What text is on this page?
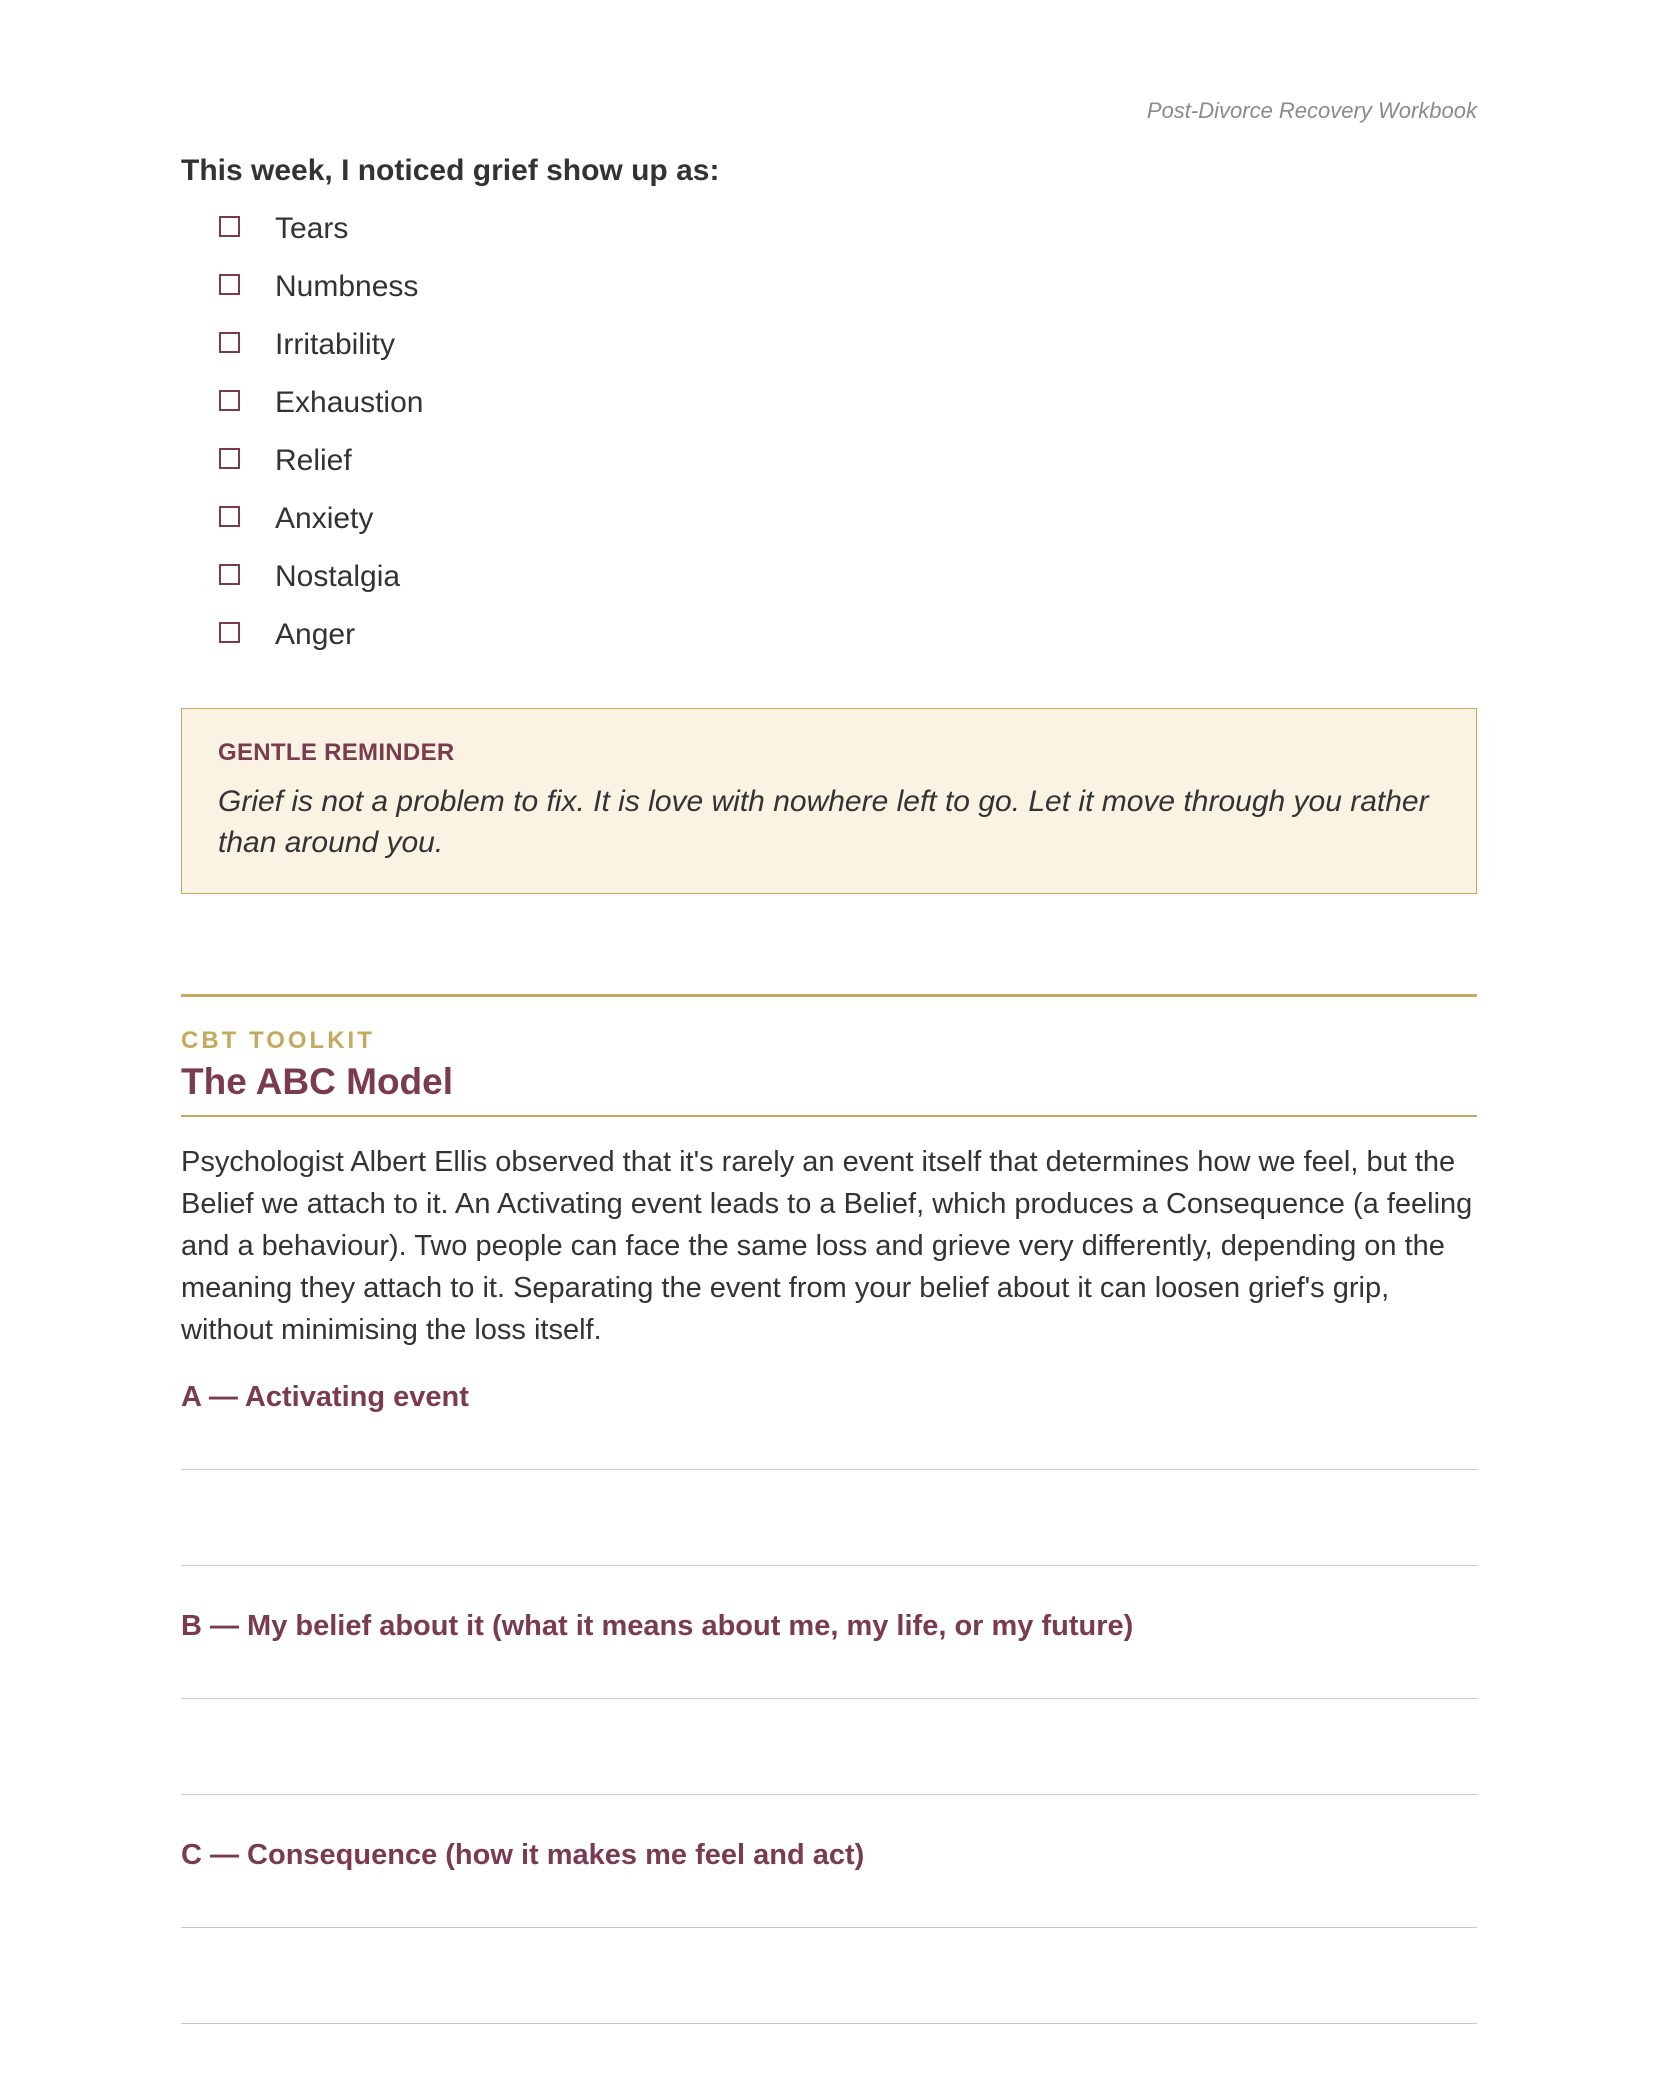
Post-Divorce Recovery Workbook
This week, I noticed grief show up as:
Tears
Numbness
Irritability
Exhaustion
Relief
Anxiety
Nostalgia
Anger
GENTLE REMINDER

Grief is not a problem to fix. It is love with nowhere left to go. Let it move through you rather than around you.

CBT TOOLKIT
The ABC Model

Psychologist Albert Ellis observed that it's rarely an event itself that determines how we feel, but the Belief we attach to it. An Activating event leads to a Belief, which produces a Consequence (a feeling and a behaviour). Two people can face the same loss and grieve very differently, depending on the meaning they attach to it. Separating the event from your belief about it can loosen grief's grip, without minimising the loss itself.

A — Activating event
B — My belief about it (what it means about me, my life, or my future)
C — Consequence (how it makes me feel and act)
